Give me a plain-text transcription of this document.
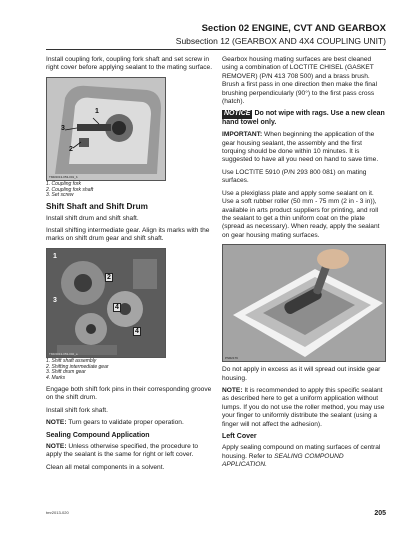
Section 02 ENGINE, CVT AND GEARBOX
Subsection 12 (GEARBOX AND 4X4 COUPLING UNIT)

Install coupling fork, coupling fork shaft and set screw in right cover before applying sealant to the mating surface.

1
2
3
TMR2013-053-001_b
1. Coupling fork
2. Coupling fork shaft
3. Set screw
Shift Shaft and Shift Drum

Install shift drum and shift shaft.

Install shifting intermediate gear. Align its marks with the marks on shift drum gear and shift shaft.

1
2
3
4
4
TMR2013-053-002_a
1. Shift shaft assembly
2. Shifting intermediate gear
3. Shift drum gear
4. Marks

Engage both shift fork pins in their corresponding groove on the shift drum.

Install shift fork shaft.

NOTE: Turn gears to validate proper operation.

Sealing Compound Application

NOTE: Unless otherwise specified, the procedure to apply the sealant is the same for right or left cover.

Clean all metal components in a solvent.

Gearbox housing mating surfaces are best cleaned using a combination of LOCTITE CHISEL (GASKET REMOVER) (P/N 413 708 500) and a brass brush. Brush a first pass in one direction then make the final brushing perpendicularly (90°) to the first pass cross (hatch).

NOTICE Do not wipe with rags. Use a new clean hand towel only.

IMPORTANT: When beginning the application of the gear housing sealant, the assembly and the first torquing should be done within 10 minutes. It is suggested to have all you need on hand to save time.

Use LOCTITE 5910 (P/N 293 800 081) on mating surfaces.

Use a plexiglass plate and apply some sealant on it. Use a soft rubber roller (50 mm - 75 mm (2 in - 3 in)), available in arts product suppliers for printing, and roll the sealant to get a thin uniform coat on the plate (spread as necessary). When ready, apply the sealant on gear housing mating surfaces.

PSR2179

Do not apply in excess as it will spread out inside gear housing.

NOTE: It is recommended to apply this specific sealant as described here to get a uniform application without lumps. If you do not use the roller method, you may use your finger to uniformly distribute the sealant (using a finger will not affect the adhesion).

Left Cover

Apply sealing compound on mating surfaces of central housing. Refer to SEALING COMPOUND APPLICATION.

tmr2013-020	205
